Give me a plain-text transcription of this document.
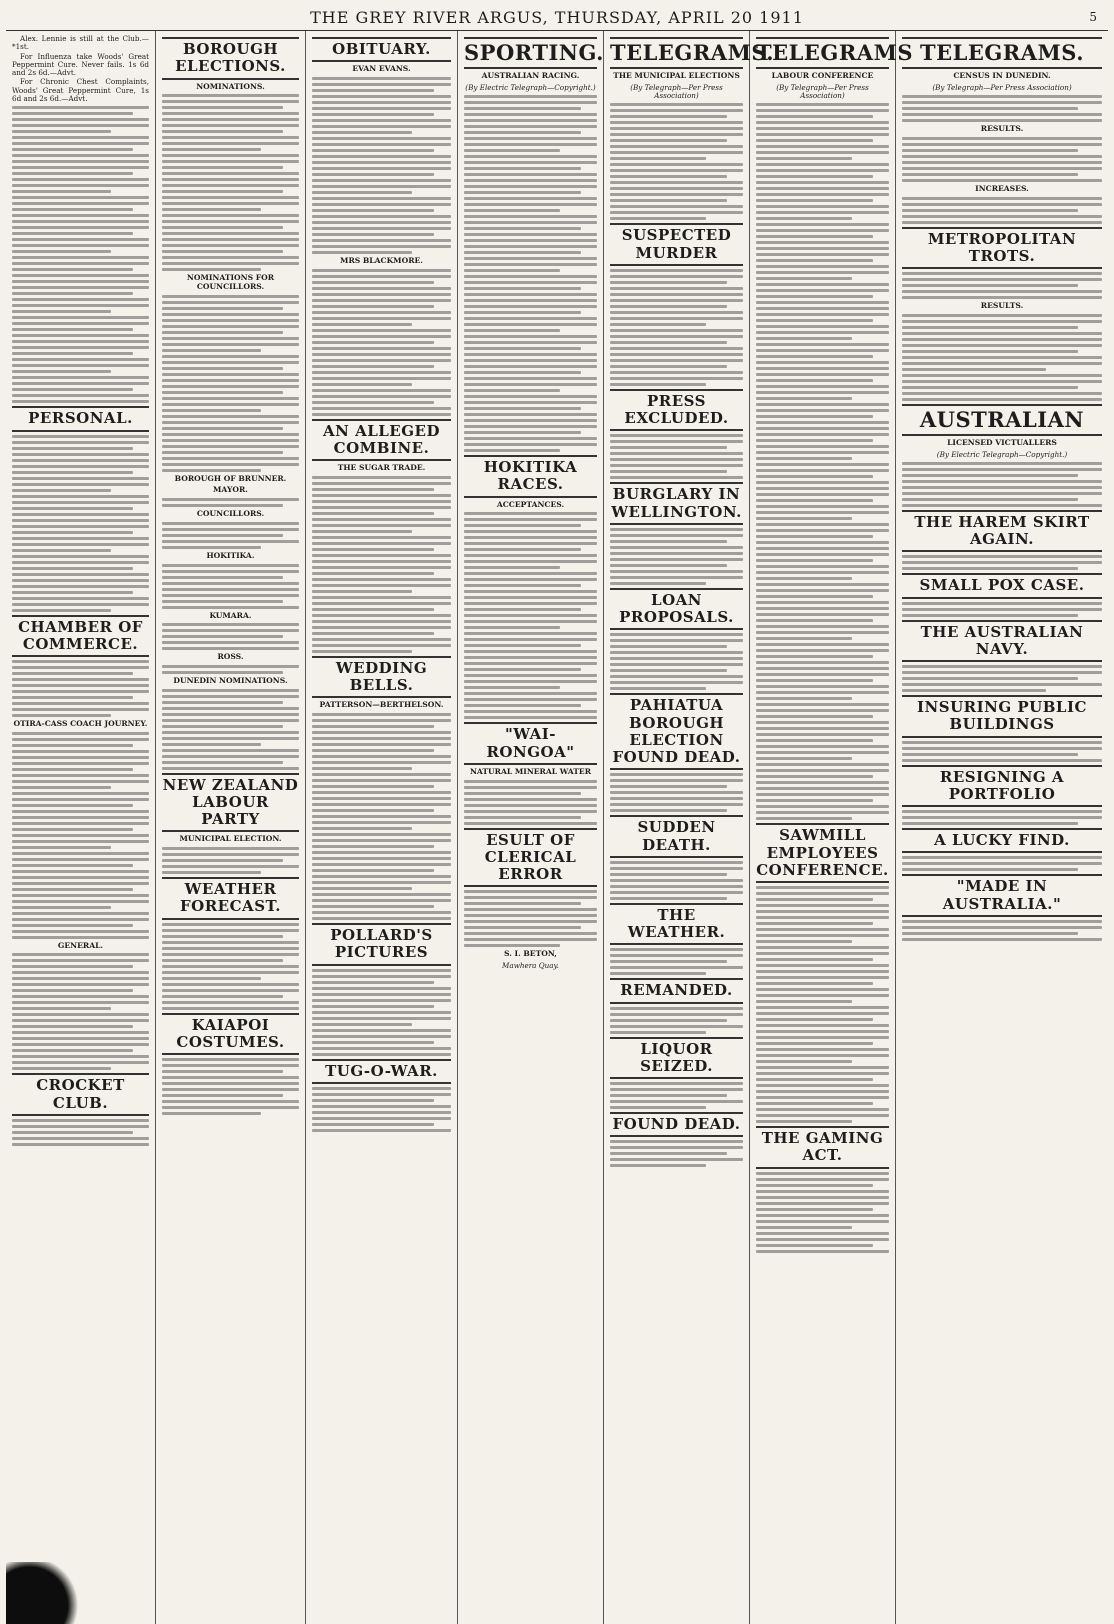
THE GREY RIVER ARGUS, THURSDAY, APRIL 20 1911	5
Alex. Lennie is still at the Club.—*1st.
For Influenza take Woods' Great Peppermint Cure. Never fails. 1s 6d and 2s 6d.—Advt.
For Chronic Chest Complaints, Woods' Great Peppermint Cure, 1s 6d and 2s 6d.—Advt.
PERSONAL.
CHAMBER OF COMMERCE.
OTIRA-CASS COACH JOURNEY.
GENERAL.
CROCKET CLUB.
BOROUGH ELECTIONS.
NOMINATIONS.
NOMINATIONS FOR COUNCILLORS.
BOROUGH OF BRUNNER.
MAYOR.
COUNCILLORS.
HOKITIKA.
KUMARA.
ROSS.
DUNEDIN NOMINATIONS.
NEW ZEALAND LABOUR PARTY
MUNICIPAL ELECTION.
WEATHER FORECAST.
KAIAPOI COSTUMES.
OBITUARY.
EVAN EVANS.
MRS BLACKMORE.
AN ALLEGED COMBINE.
THE SUGAR TRADE.
WEDDING BELLS.
PATTERSON—BERTHELSON.
POLLARD'S PICTURES
TUG-O-WAR.
SPORTING.
AUSTRALIAN RACING.
(By Electric Telegraph—Copyright.)
HOKITIKA RACES.
ACCEPTANCES.
"WAI-RONGOA"
NATURAL MINERAL WATER
ESULT OF CLERICAL ERROR
S. I. BETON,
Mawhera Quay.
TELEGRAMS.
THE MUNICIPAL ELECTIONS
(By Telegraph—Per Press Association)
SUSPECTED MURDER
PRESS EXCLUDED.
BURGLARY IN WELLINGTON.
LOAN PROPOSALS.
PAHIATUA BOROUGH ELECTION FOUND DEAD.
SUDDEN DEATH.
THE WEATHER.
REMANDED.
LIQUOR SEIZED.
FOUND DEAD.
TELEGRAMS
LABOUR CONFERENCE
(By Telegraph—Per Press Association)
SAWMILL EMPLOYEES CONFERENCE.
THE GAMING ACT.
TELEGRAMS.
CENSUS IN DUNEDIN.
(By Telegraph—Per Press Association)
RESULTS.
INCREASES.
METROPOLITAN TROTS.
RESULTS.
AUSTRALIAN
LICENSED VICTUALLERS
(By Electric Telegraph—Copyright.)
THE HAREM SKIRT AGAIN.
SMALL POX CASE.
THE AUSTRALIAN NAVY.
INSURING PUBLIC BUILDINGS
RESIGNING A PORTFOLIO
A LUCKY FIND.
"MADE IN AUSTRALIA."
